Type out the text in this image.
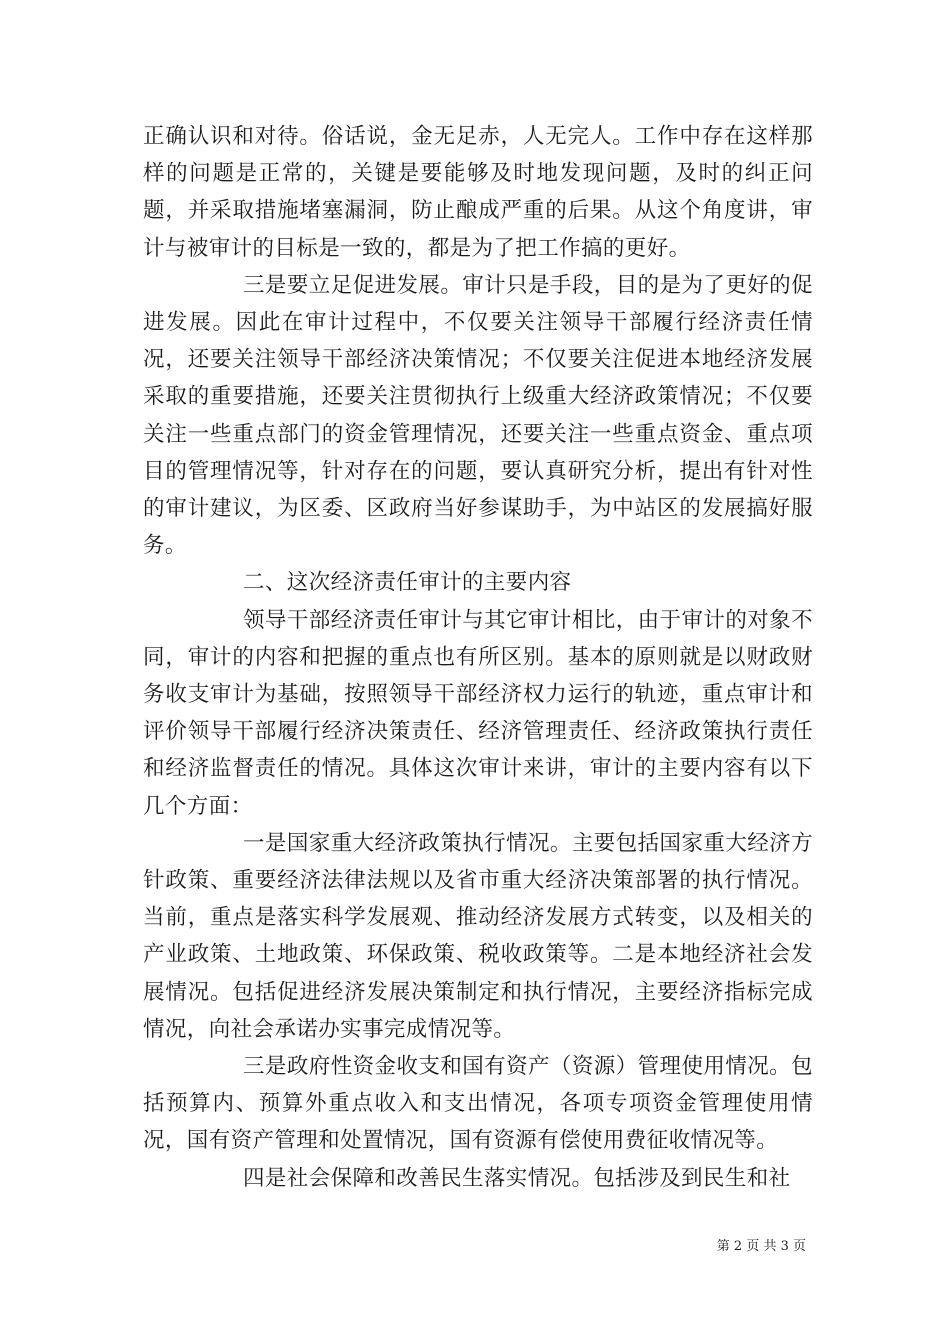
正确认识和对待。俗话说，金无足赤，人无完人。工作中存在这样那样的问题是正常的，关键是要能够及时地发现问题，及时的纠正问题，并采取措施堵塞漏洞，防止酿成严重的后果。从这个角度讲，审计与被审计的目标是一致的，都是为了把工作搞的更好。

三是要立足促进发展。审计只是手段，目的是为了更好的促进发展。因此在审计过程中，不仅要关注领导干部履行经济责任情况，还要关注领导干部经济决策情况；不仅要关注促进本地经济发展采取的重要措施，还要关注贯彻执行上级重大经济政策情况；不仅要关注一些重点部门的资金管理情况，还要关注一些重点资金、重点项目的管理情况等，针对存在的问题，要认真研究分析，提出有针对性的审计建议，为区委、区政府当好参谋助手，为中站区的发展搞好服务。

二、这次经济责任审计的主要内容

领导干部经济责任审计与其它审计相比，由于审计的对象不同，审计的内容和把握的重点也有所区别。基本的原则就是以财政财务收支审计为基础，按照领导干部经济权力运行的轨迹，重点审计和评价领导干部履行经济决策责任、经济管理责任、经济政策执行责任和经济监督责任的情况。具体这次审计来讲，审计的主要内容有以下几个方面：

一是国家重大经济政策执行情况。主要包括国家重大经济方针政策、重要经济法律法规以及省市重大经济决策部署的执行情况。当前，重点是落实科学发展观、推动经济发展方式转变，以及相关的产业政策、土地政策、环保政策、税收政策等。二是本地经济社会发展情况。包括促进经济发展决策制定和执行情况，主要经济指标完成情况，向社会承诺办实事完成情况等。

三是政府性资金收支和国有资产（资源）管理使用情况。包括预算内、预算外重点收入和支出情况，各项专项资金管理使用情况，国有资产管理和处置情况，国有资源有偿使用费征收情况等。

四是社会保障和改善民生落实情况。包括涉及到民生和社

第 2 页 共 3 页
